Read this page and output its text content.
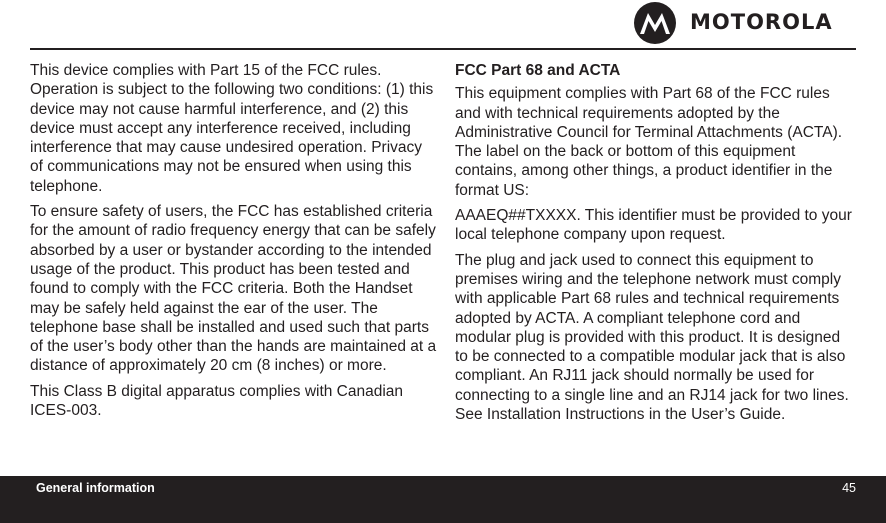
MOTOROLA

This device complies with Part 15 of the FCC rules. Operation is subject to the following two conditions: (1) this device may not cause harmful interference, and (2) this device must accept any interference received, including interference that may cause undesired operation. Privacy of communications may not be ensured when using this telephone.

To ensure safety of users, the FCC has established criteria for the amount of radio frequency energy that can be safely absorbed by a user or bystander according to the intended usage of the product. This product has been tested and found to comply with the FCC criteria. Both the Handset may be safely held against the ear of the user. The telephone base shall be installed and used such that parts of the user’s body other than the hands are maintained at a distance of approximately 20 cm (8 inches) or more.

This Class B digital apparatus complies with Canadian ICES-003.

FCC Part 68 and ACTA

This equipment complies with Part 68 of the FCC rules and with technical requirements adopted by the Administrative Council for Terminal Attachments (ACTA). The label on the back or bottom of this equipment contains, among other things, a product identifier in the format US:

AAAEQ##TXXXX. This identifier must be provided to your local telephone company upon request.

The plug and jack used to connect this equipment to premises wiring and the telephone network must comply with applicable Part 68 rules and technical requirements adopted by ACTA. A compliant telephone cord and modular plug is provided with this product. It is designed to be connected to a compatible modular jack that is also compliant. An RJ11 jack should normally be used for connecting to a single line and an RJ14 jack for two lines. See Installation Instructions in the User’s Guide.

General information	45
